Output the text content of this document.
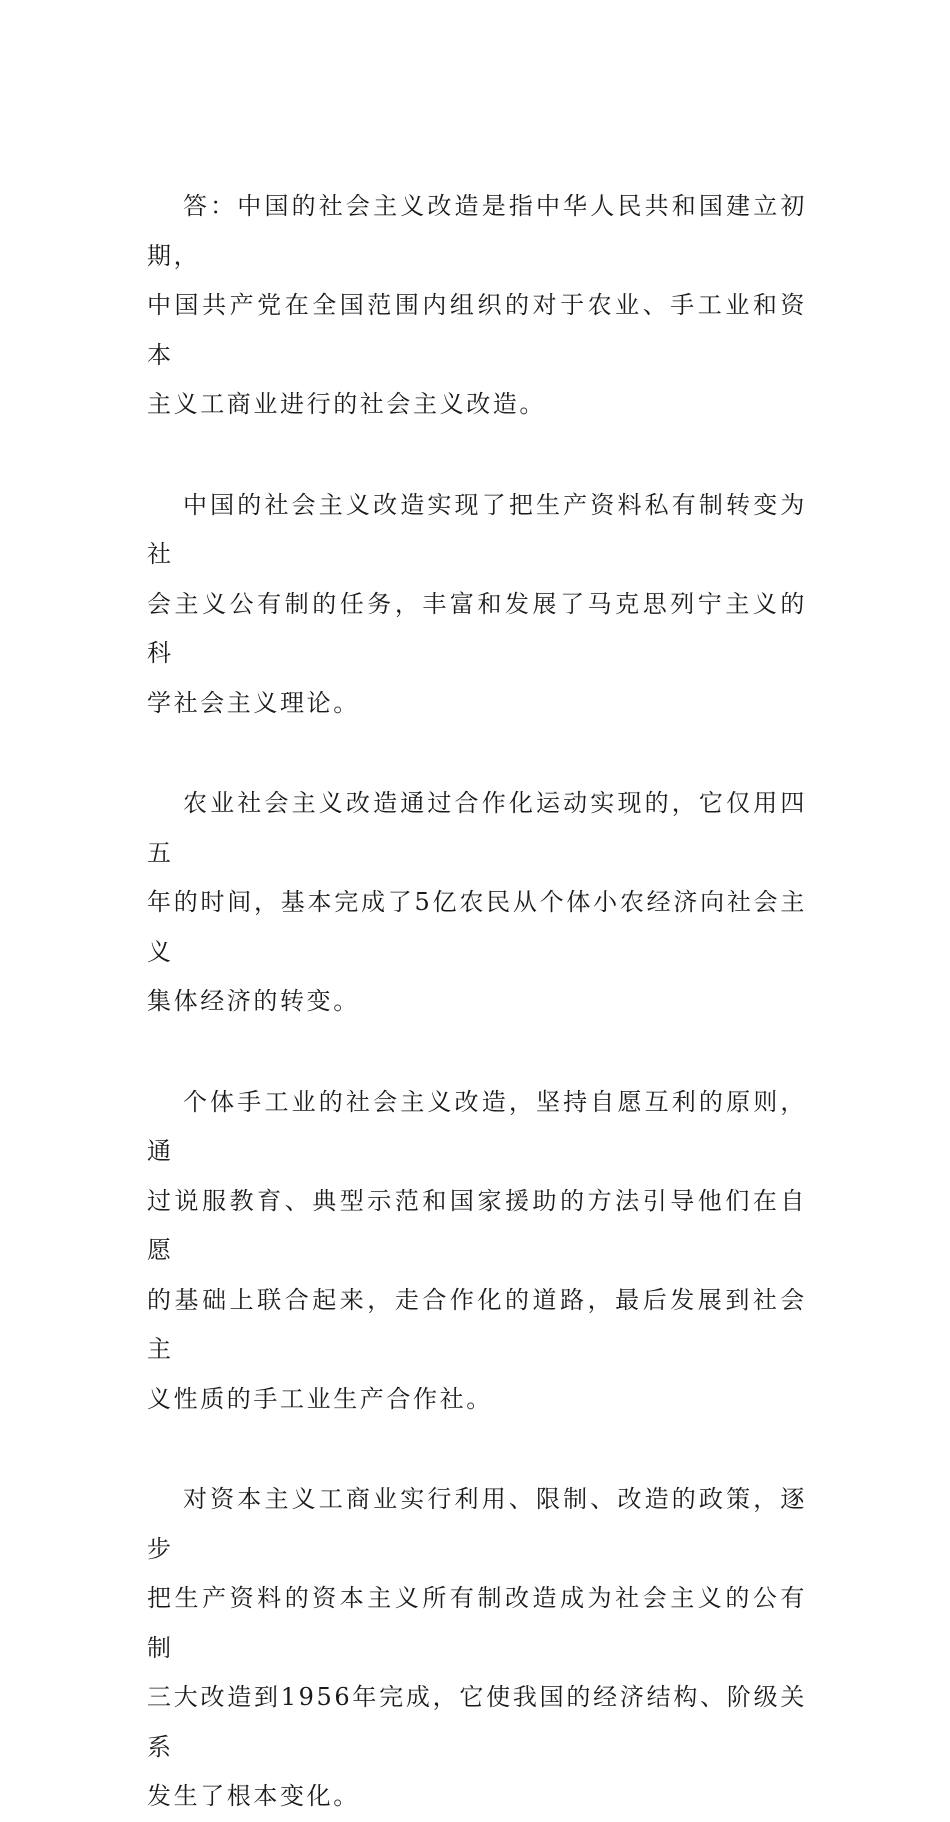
答：中国的社会主义改造是指中华人民共和国建立初期，
中国共产党在全国范围内组织的对于农业、手工业和资本
主义工商业进行的社会主义改造。

中国的社会主义改造实现了把生产资料私有制转变为社
会主义公有制的任务，丰富和发展了马克思列宁主义的科
学社会主义理论。

农业社会主义改造通过合作化运动实现的，它仅用四五
年的时间，基本完成了5亿农民从个体小农经济向社会主义
集体经济的转变。

个体手工业的社会主义改造，坚持自愿互利的原则，通
过说服教育、典型示范和国家援助的方法引导他们在自愿
的基础上联合起来，走合作化的道路，最后发展到社会主
义性质的手工业生产合作社。

对资本主义工商业实行利用、限制、改造的政策，逐步
把生产资料的资本主义所有制改造成为社会主义的公有制
三大改造到1956年完成，它使我国的经济结构、阶级关系
发生了根本变化。
